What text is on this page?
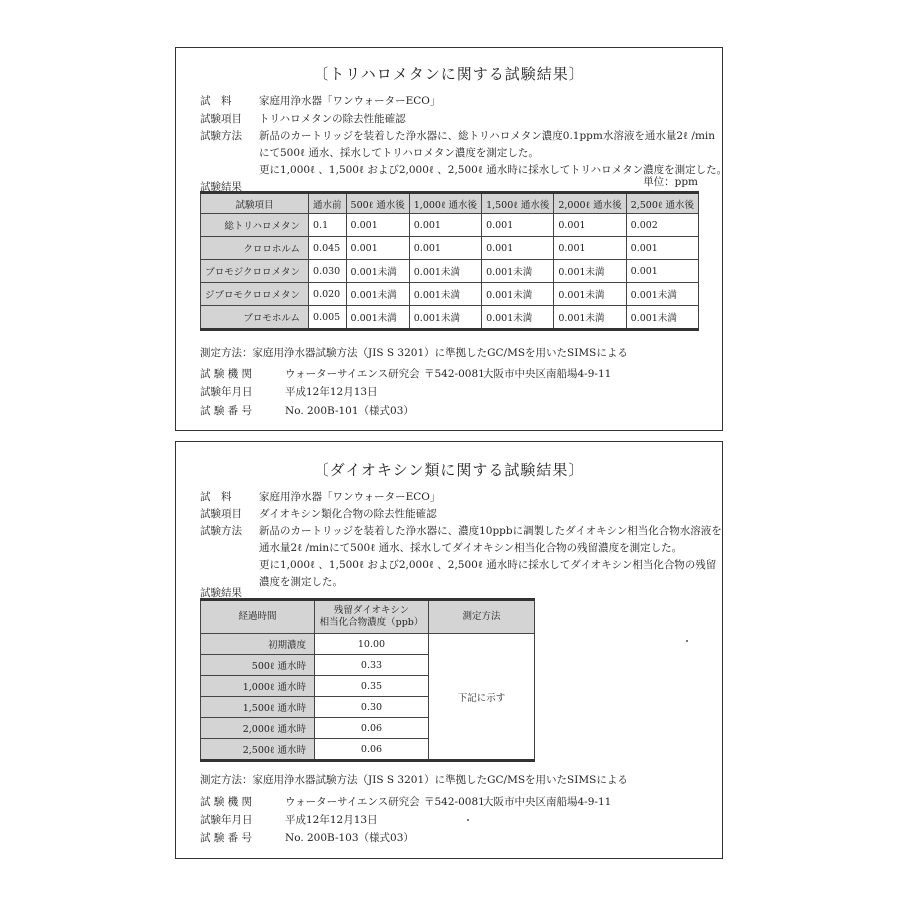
〔トリハロメタンに関する試験結果〕
試　料	家庭用浄水器「ワンウォーターECO」
試験項目	トリハロメタンの除去性能確認
試験方法	新品のカートリッジを装着した浄水器に、総トリハロメタン濃度0.1ppm水溶液を通水量2ℓ /min
にて500ℓ 通水、採水してトリハロメタン濃度を測定した。
更に1,000ℓ 、1,500ℓ および2,000ℓ 、2,500ℓ 通水時に採水してトリハロメタン濃度を測定した。
試験結果	単位：ppm
試験項目	通水前	500ℓ 通水後	1,000ℓ 通水後	1,500ℓ 通水後	2,000ℓ 通水後	2,500ℓ 通水後
総トリハロメタン	0.1	0.001	0.001	0.001	0.001	0.002
クロロホルム	0.045	0.001	0.001	0.001	0.001	0.001
ブロモジクロロメタン	0.030	0.001未満	0.001未満	0.001未満	0.001未満	0.001
ジブロモクロロメタン	0.020	0.001未満	0.001未満	0.001未満	0.001未満	0.001未満
ブロモホルム	0.005	0.001未満	0.001未満	0.001未満	0.001未満	0.001未満
測定方法：家庭用浄水器試験方法（JIS S 3201）に準拠したGC/MSを用いたSIMSによる
試 験 機 関	ウォーターサイエンス研究会 〒542-0081
大阪市中央区南船場4-9-11
試験年月日	平成12年12月13日
試 験 番 号	No. 200B-101（様式03）
〔ダイオキシン類に関する試験結果〕
試　料	家庭用浄水器「ワンウォーターECO」
試験項目	ダイオキシン類化合物の除去性能確認
試験方法	新品のカートリッジを装着した浄水器に、濃度10ppbに調製したダイオキシン相当化合物水溶液を
通水量2ℓ /minにて500ℓ 通水、採水してダイオキシン相当化合物の残留濃度を測定した。
更に1,000ℓ 、1,500ℓ および2,000ℓ 、2,500ℓ 通水時に採水してダイオキシン相当化合物の残留
濃度を測定した。
試験結果
経過時間	残留ダイオキシン
相当化合物濃度（ppb）	測定方法
初期濃度	10.00	下記に示す
500ℓ 通水時	0.33	
1,000ℓ 通水時	0.35	
1,500ℓ 通水時	0.30	
2,000ℓ 通水時	0.06	
2,500ℓ 通水時	0.06	
測定方法：家庭用浄水器試験方法（JIS S 3201）に準拠したGC/MSを用いたSIMSによる
試 験 機 関	ウォーターサイエンス研究会 〒542-0081
大阪市中央区南船場4-9-11
試験年月日	平成12年12月13日
試 験 番 号	No. 200B-103（様式03）
